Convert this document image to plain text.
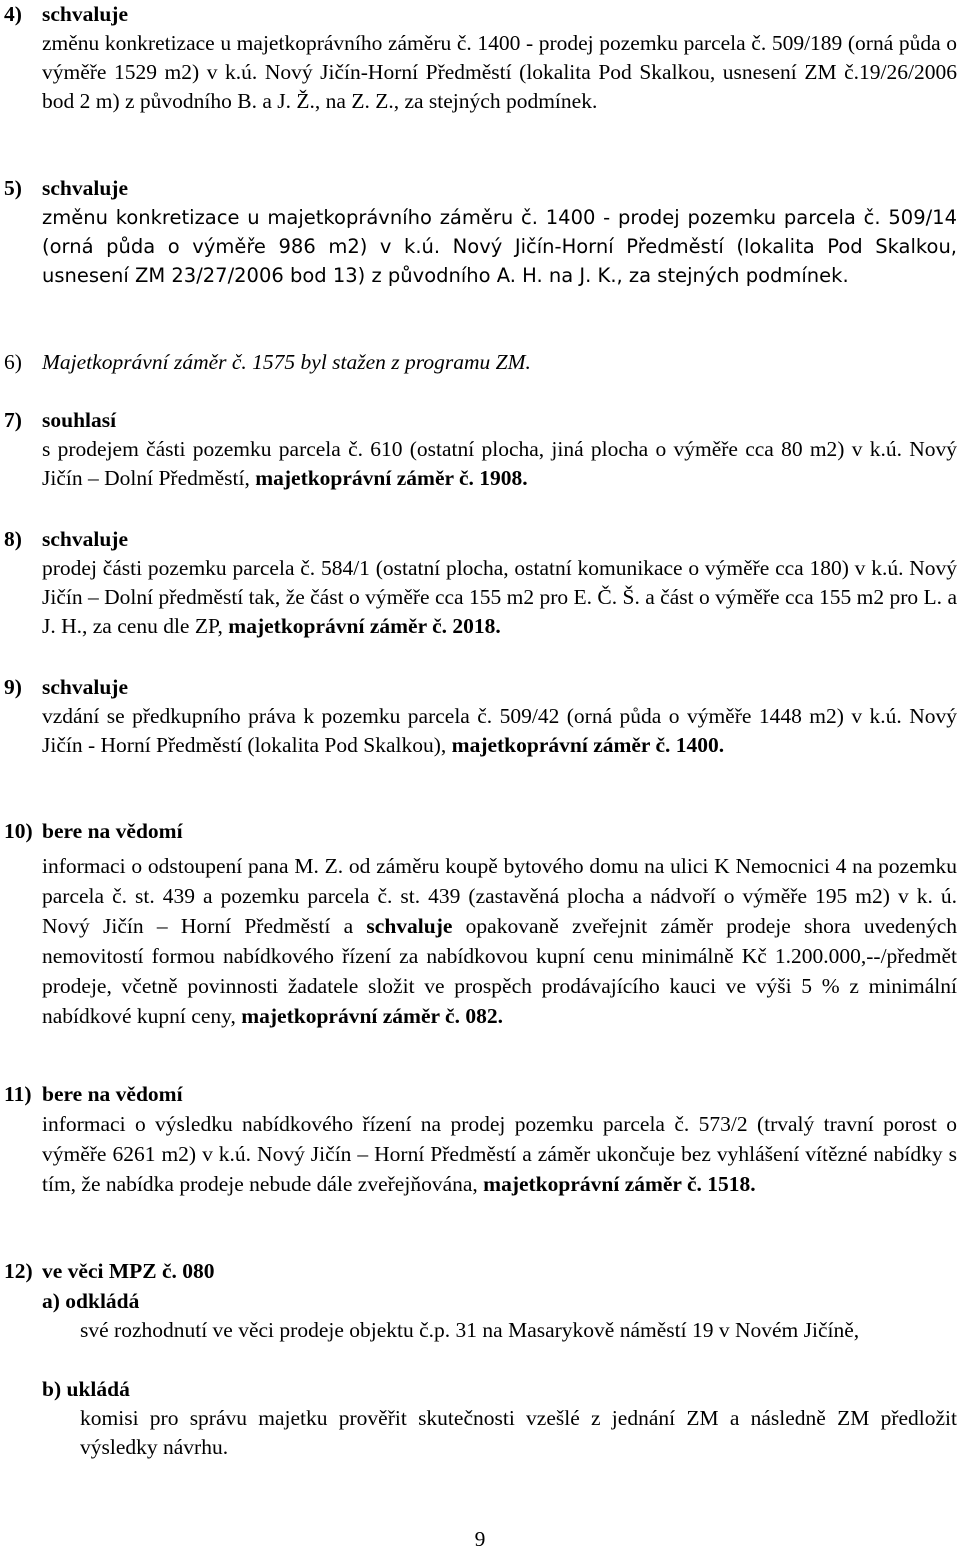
4) schvaluje
změnu konkretizace u majetkoprávního záměru č. 1400 - prodej pozemku parcela č. 509/189 (orná půda o výměře 1529 m2) v k.ú. Nový Jičín-Horní Předměstí (lokalita Pod Skalkou, usnesení ZM č.19/26/2006 bod 2 m) z původního B. a J. Ž., na Z. Z., za stejných podmínek.
5) schvaluje
změnu konkretizace u majetkoprávního záměru č. 1400 - prodej pozemku parcela č. 509/14 (orná půda o výměře 986 m2) v k.ú. Nový Jičín-Horní Předměstí (lokalita Pod Skalkou, usnesení ZM 23/27/2006 bod 13) z původního A. H. na J. K., za stejných podmínek.
6) Majetkoprávní záměr č. 1575 byl stažen z programu ZM.
7) souhlasí
s prodejem části pozemku parcela č. 610 (ostatní plocha, jiná plocha o výměře cca 80 m2) v k.ú. Nový Jičín – Dolní Předměstí, majetkoprávní záměr č. 1908.
8) schvaluje
prodej části pozemku parcela č. 584/1 (ostatní plocha, ostatní komunikace o výměře cca 180) v k.ú. Nový Jičín – Dolní předměstí tak, že část o výměře cca 155 m2 pro E. Č. Š. a část o výměře cca 155 m2 pro L. a J. H., za cenu dle ZP, majetkoprávní záměr č. 2018.
9) schvaluje
vzdání se předkupního práva k pozemku parcela č. 509/42 (orná půda o výměře 1448 m2) v k.ú. Nový Jičín - Horní Předměstí (lokalita Pod Skalkou), majetkoprávní záměr č. 1400.
10) bere na vědomí
informaci o odstoupení pana M. Z. od záměru koupě bytového domu na ulici K Nemocnici 4 na pozemku parcela č. st. 439 a pozemku parcela č. st. 439 (zastavěná plocha a nádvoří o výměře 195 m2) v k. ú. Nový Jičín – Horní Předměstí a schvaluje opakovaně zveřejnit záměr prodeje shora uvedených nemovitostí formou nabídkového řízení za nabídkovou kupní cenu minimálně Kč 1.200.000,--/předmět prodeje, včetně povinnosti žadatele složit ve prospěch prodávajícího kauci ve výši 5 % z minimální nabídkové kupní ceny, majetkoprávní záměr č. 082.
11) bere na vědomí
informaci o výsledku nabídkového řízení na prodej pozemku parcela č. 573/2 (trvalý travní porost o výměře 6261 m2) v k.ú. Nový Jičín – Horní Předměstí a záměr ukončuje bez vyhlášení vítězné nabídky s tím, že nabídka prodeje nebude dále zveřejňována, majetkoprávní záměr č. 1518.
12) ve věci MPZ č. 080
a) odkládá
své rozhodnutí ve věci prodeje objektu č.p. 31 na Masarykově náměstí 19 v Novém Jičíně,
b) ukládá
komisi pro správu majetku prověřit skutečnosti vzešlé z jednání ZM a následně ZM předložit výsledky návrhu.
9
